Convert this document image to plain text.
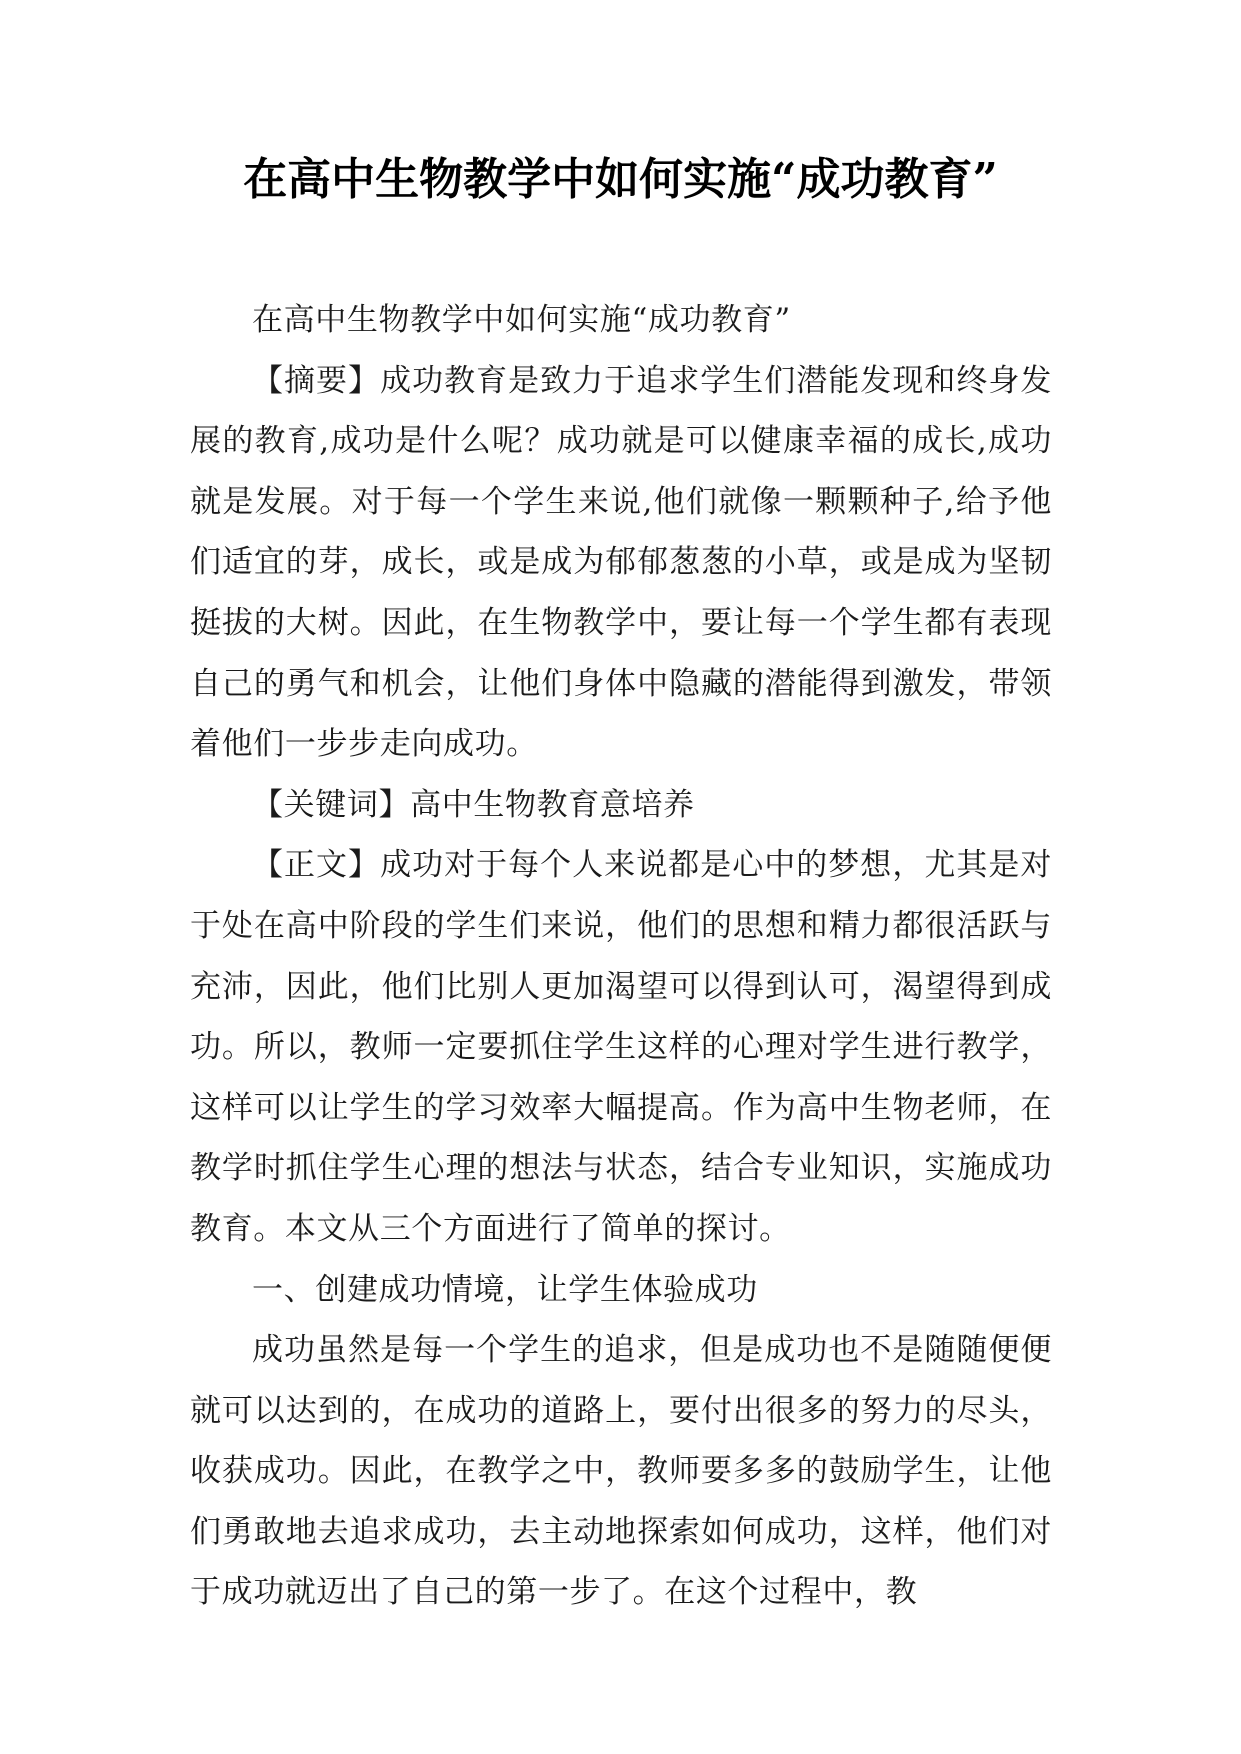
在高中生物教学中如何实施“成功教育”

在高中生物教学中如何实施“成功教育”

【摘要】成功教育是致力于追求学生们潜能发现和终身发展的教育,成功是什么呢？成功就是可以健康幸福的成长,成功就是发展。对于每一个学生来说,他们就像一颗颗种子,给予他们适宜的芽，成长，或是成为郁郁葱葱的小草，或是成为坚韧挺拔的大树。因此，在生物教学中，要让每一个学生都有表现自己的勇气和机会，让他们身体中隐藏的潜能得到激发，带领着他们一步步走向成功。

【关键词】高中生物教育意培养

【正文】成功对于每个人来说都是心中的梦想，尤其是对于处在高中阶段的学生们来说，他们的思想和精力都很活跃与充沛，因此，他们比别人更加渴望可以得到认可，渴望得到成功。所以，教师一定要抓住学生这样的心理对学生进行教学，这样可以让学生的学习效率大幅提高。作为高中生物老师，在教学时抓住学生心理的想法与状态，结合专业知识，实施成功教育。本文从三个方面进行了简单的探讨。

一、创建成功情境，让学生体验成功

成功虽然是每一个学生的追求，但是成功也不是随随便便就可以达到的，在成功的道路上，要付出很多的努力的尽头，收获成功。因此，在教学之中，教师要多多的鼓励学生，让他们勇敢地去追求成功，去主动地探索如何成功，这样，他们对于成功就迈出了自己的第一步了。在这个过程中，教
